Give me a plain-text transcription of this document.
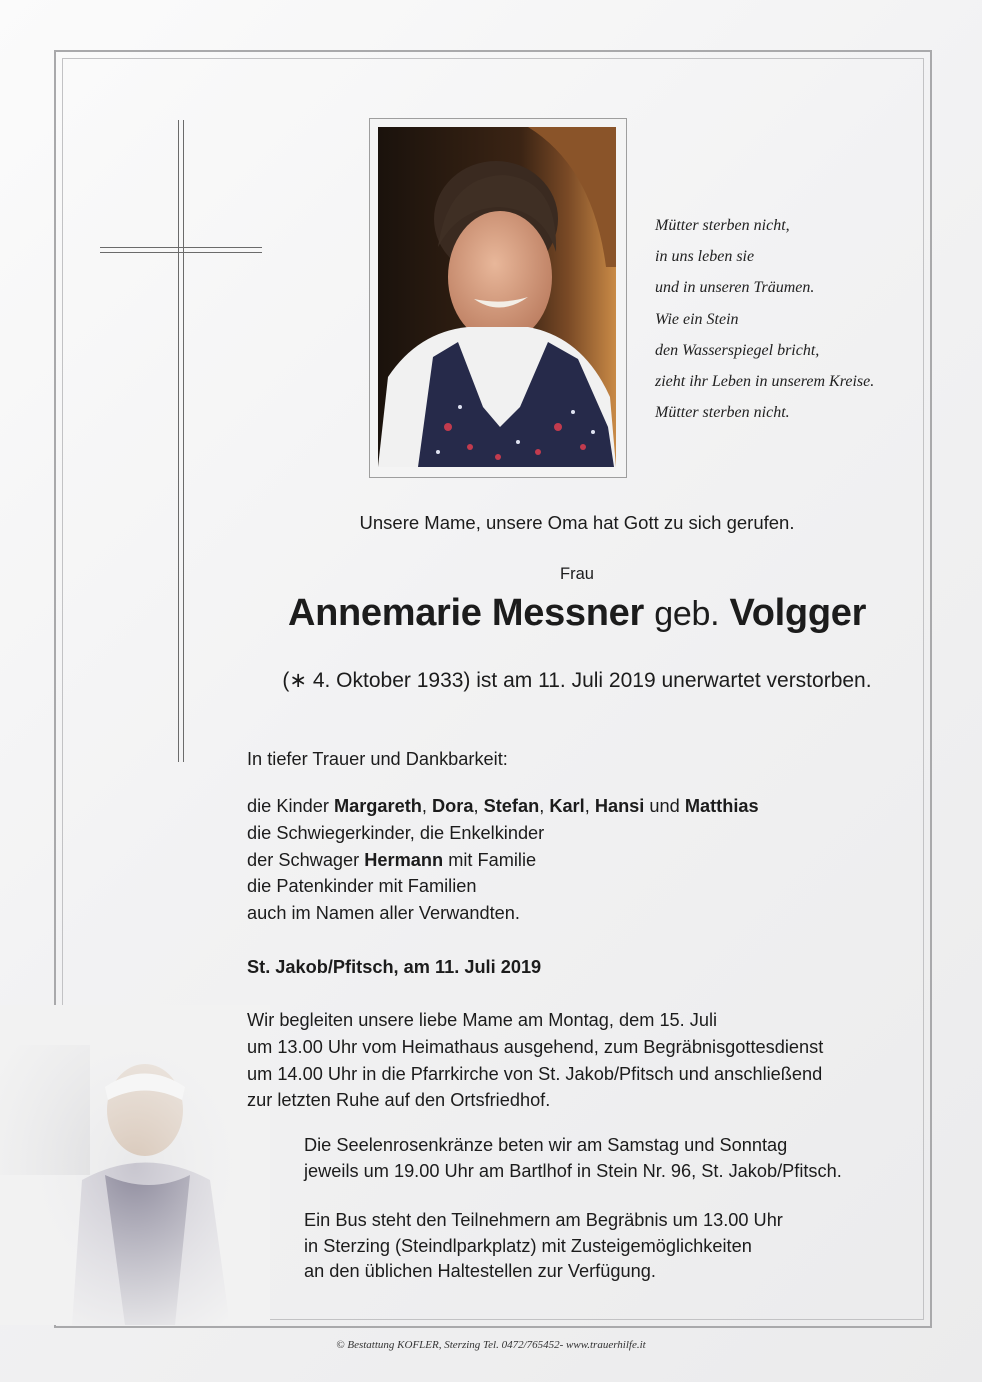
Mütter sterben nicht,
in uns leben sie
und in unseren Träumen.
Wie ein Stein
den Wasserspiegel bricht,
zieht ihr Leben in unserem Kreise.
Mütter sterben nicht.
Unsere Mame, unsere Oma hat Gott zu sich gerufen.
Frau
Annemarie Messner geb. Volgger
(∗ 4. Oktober 1933) ist am 11. Juli 2019 unerwartet verstorben.
In tiefer Trauer und Dankbarkeit:
die Kinder Margareth, Dora, Stefan, Karl, Hansi und Matthias
die Schwiegerkinder, die Enkelkinder
der Schwager Hermann mit Familie
die Patenkinder mit Familien
auch im Namen aller Verwandten.
St. Jakob/Pfitsch, am 11. Juli 2019
Wir begleiten unsere liebe Mame am Montag, dem 15. Juli
um 13.00 Uhr vom Heimathaus ausgehend, zum Begräbnisgottesdienst
um 14.00 Uhr in die Pfarrkirche von St. Jakob/Pfitsch und anschließend
zur letzten Ruhe auf den Ortsfriedhof.
Die Seelenrosenkränze beten wir am Samstag und Sonntag
jeweils um 19.00 Uhr am Bartlhof in Stein Nr. 96, St. Jakob/Pfitsch.
Ein Bus steht den Teilnehmern am Begräbnis um 13.00 Uhr
in Sterzing (Steindlparkplatz) mit Zusteigemöglichkeiten
an den üblichen Haltestellen zur Verfügung.
© Bestattung KOFLER, Sterzing Tel. 0472/765452- www.trauerhilfe.it
